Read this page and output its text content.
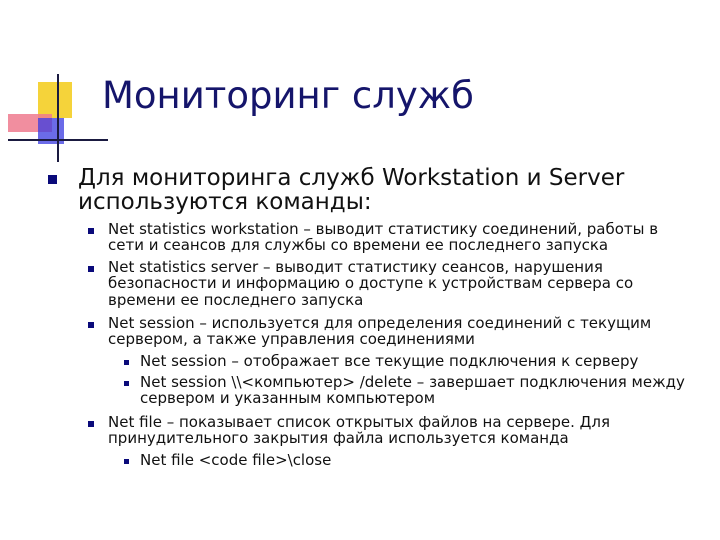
Мониторинг служб
Для мониторинга служб Workstation и Server используются команды:
Net statistics workstation – выводит статистику соединений, работы в сети и сеансов для службы со времени ее последнего запуска
Net statistics server – выводит статистику сеансов, нарушения безопасности и информацию о доступе к устройствам сервера со времени ее последнего запуска
Net session – используется для определения соединений с текущим сервером, а также управления соединениями
Net session – отображает все текущие подключения к серверу
Net session \\<компьютер> /delete – завершает подключения между сервером и указанным компьютером
Net file – показывает список открытых файлов на сервере. Для принудительного закрытия файла используется команда
Net file <code file>\close
